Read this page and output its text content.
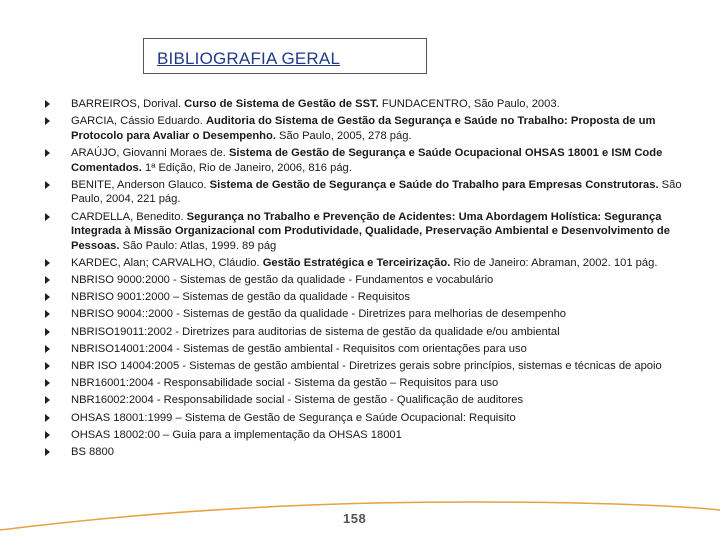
BIBLIOGRAFIA GERAL
BARREIROS, Dorival. Curso de Sistema de Gestão de SST. FUNDACENTRO, São Paulo, 2003.
GARCIA, Cássio Eduardo. Auditoria do Sistema de Gestão da Segurança e Saúde no Trabalho: Proposta de um Protocolo para Avaliar o Desempenho. São Paulo, 2005, 278 pág.
ARAÚJO, Giovanni Moraes de. Sistema de Gestão de Segurança e Saúde Ocupacional OHSAS 18001 e ISM Code Comentados. 1ª Edição, Rio de Janeiro, 2006, 816 pág.
BENITE, Anderson Glauco. Sistema de Gestão de Segurança e Saúde do Trabalho para Empresas Construtoras. São Paulo, 2004, 221 pág.
CARDELLA, Benedito. Segurança no Trabalho e Prevenção de Acidentes: Uma Abordagem Holística: Segurança Integrada à Missão Organizacional com Produtividade, Qualidade, Preservação Ambiental e Desenvolvimento de Pessoas. São Paulo: Atlas, 1999. 89 pág
KARDEC, Alan; CARVALHO, Cláudio. Gestão Estratégica e Terceirização. Rio de Janeiro: Abraman, 2002. 101 pág.
NBRISO 9000:2000 - Sistemas de gestão da qualidade - Fundamentos e vocabulário
NBRISO 9001:2000 – Sistemas de gestão da qualidade - Requisitos
NBRISO 9004::2000 - Sistemas de gestão da qualidade - Diretrizes para melhorias de desempenho
NBRISO19011:2002 - Diretrizes para auditorias de sistema de gestão da qualidade e/ou ambiental
NBRISO14001:2004 - Sistemas de gestão ambiental - Requisitos com orientações para uso
NBR ISO 14004:2005 - Sistemas de gestão ambiental - Diretrizes gerais sobre princípios, sistemas e técnicas de apoio
NBR16001:2004 - Responsabilidade social - Sistema da gestão – Requisitos para uso
NBR16002:2004 - Responsabilidade social - Sistema de gestão - Qualificação de auditores
OHSAS 18001:1999 – Sistema de Gestão de Segurança e Saúde Ocupacional: Requisito
OHSAS 18002:00 – Guia para a implementação da OHSAS 18001
BS 8800
158
